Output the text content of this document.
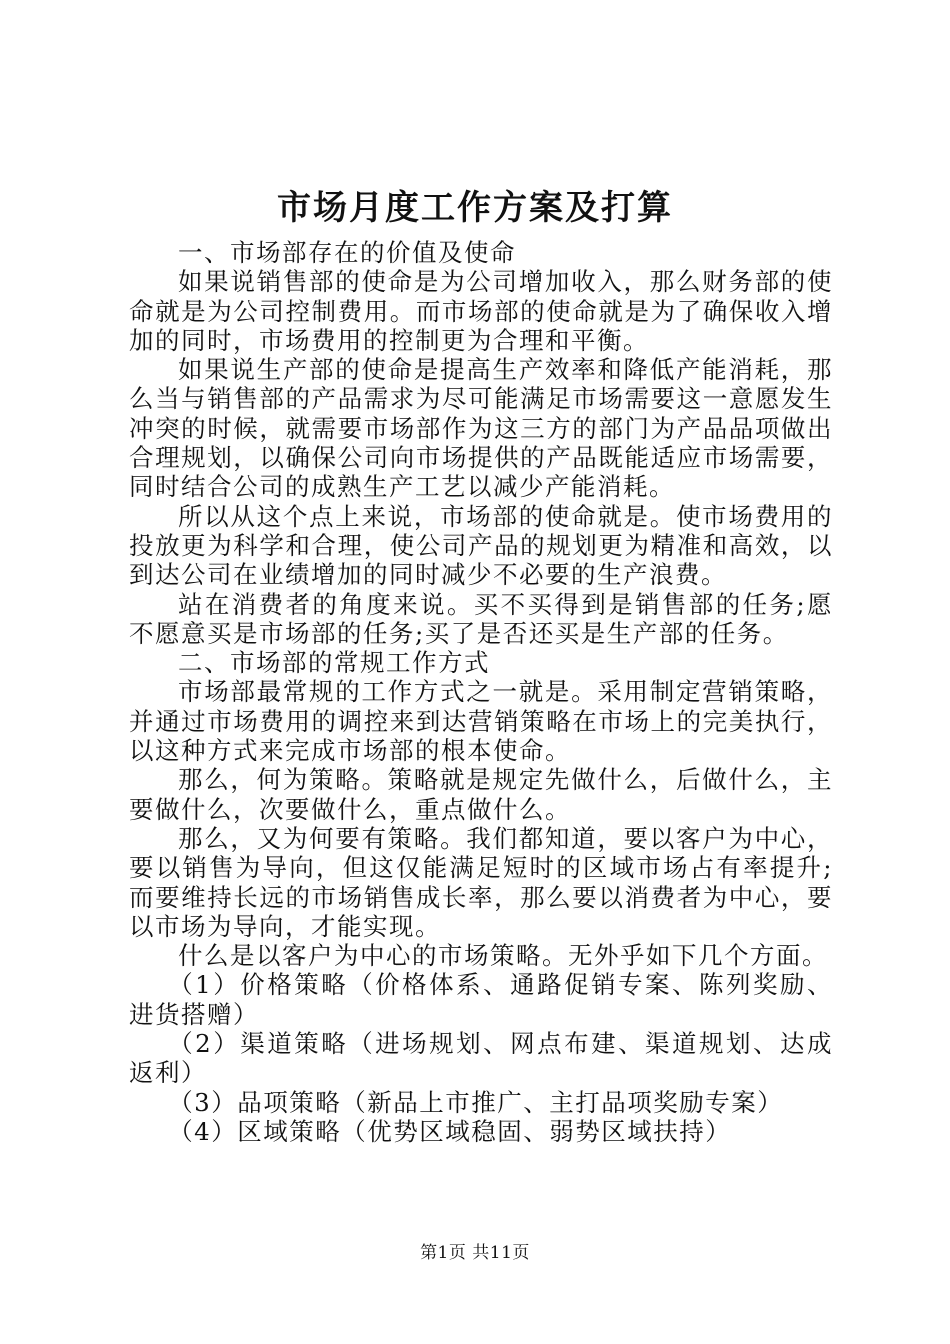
市场月度工作方案及打算

一、市场部存在的价值及使命

如果说销售部的使命是为公司增加收入，那么财务部的使命就是为公司控制费用。而市场部的使命就是为了确保收入增加的同时，市场费用的控制更为合理和平衡。

如果说生产部的使命是提高生产效率和降低产能消耗，那么当与销售部的产品需求为尽可能满足市场需要这一意愿发生冲突的时候，就需要市场部作为这三方的部门为产品品项做出合理规划，以确保公司向市场提供的产品既能适应市场需要，同时结合公司的成熟生产工艺以减少产能消耗。

所以从这个点上来说，市场部的使命就是。使市场费用的投放更为科学和合理，使公司产品的规划更为精准和高效，以到达公司在业绩增加的同时减少不必要的生产浪费。

站在消费者的角度来说。买不买得到是销售部的任务;愿不愿意买是市场部的任务;买了是否还买是生产部的任务。

二、市场部的常规工作方式

市场部最常规的工作方式之一就是。采用制定营销策略，并通过市场费用的调控来到达营销策略在市场上的完美执行，以这种方式来完成市场部的根本使命。

那么，何为策略。策略就是规定先做什么，后做什么，主要做什么，次要做什么，重点做什么。

那么，又为何要有策略。我们都知道，要以客户为中心，要以销售为导向，但这仅能满足短时的区域市场占有率提升;而要维持长远的市场销售成长率，那么要以消费者为中心，要以市场为导向，才能实现。

什么是以客户为中心的市场策略。无外乎如下几个方面。

（1）价格策略（价格体系、通路促销专案、陈列奖励、进货搭赠）

（2）渠道策略（进场规划、网点布建、渠道规划、达成返利）

（3）品项策略（新品上市推广、主打品项奖励专案）

（4）区域策略（优势区域稳固、弱势区域扶持）

第1页 共11页
